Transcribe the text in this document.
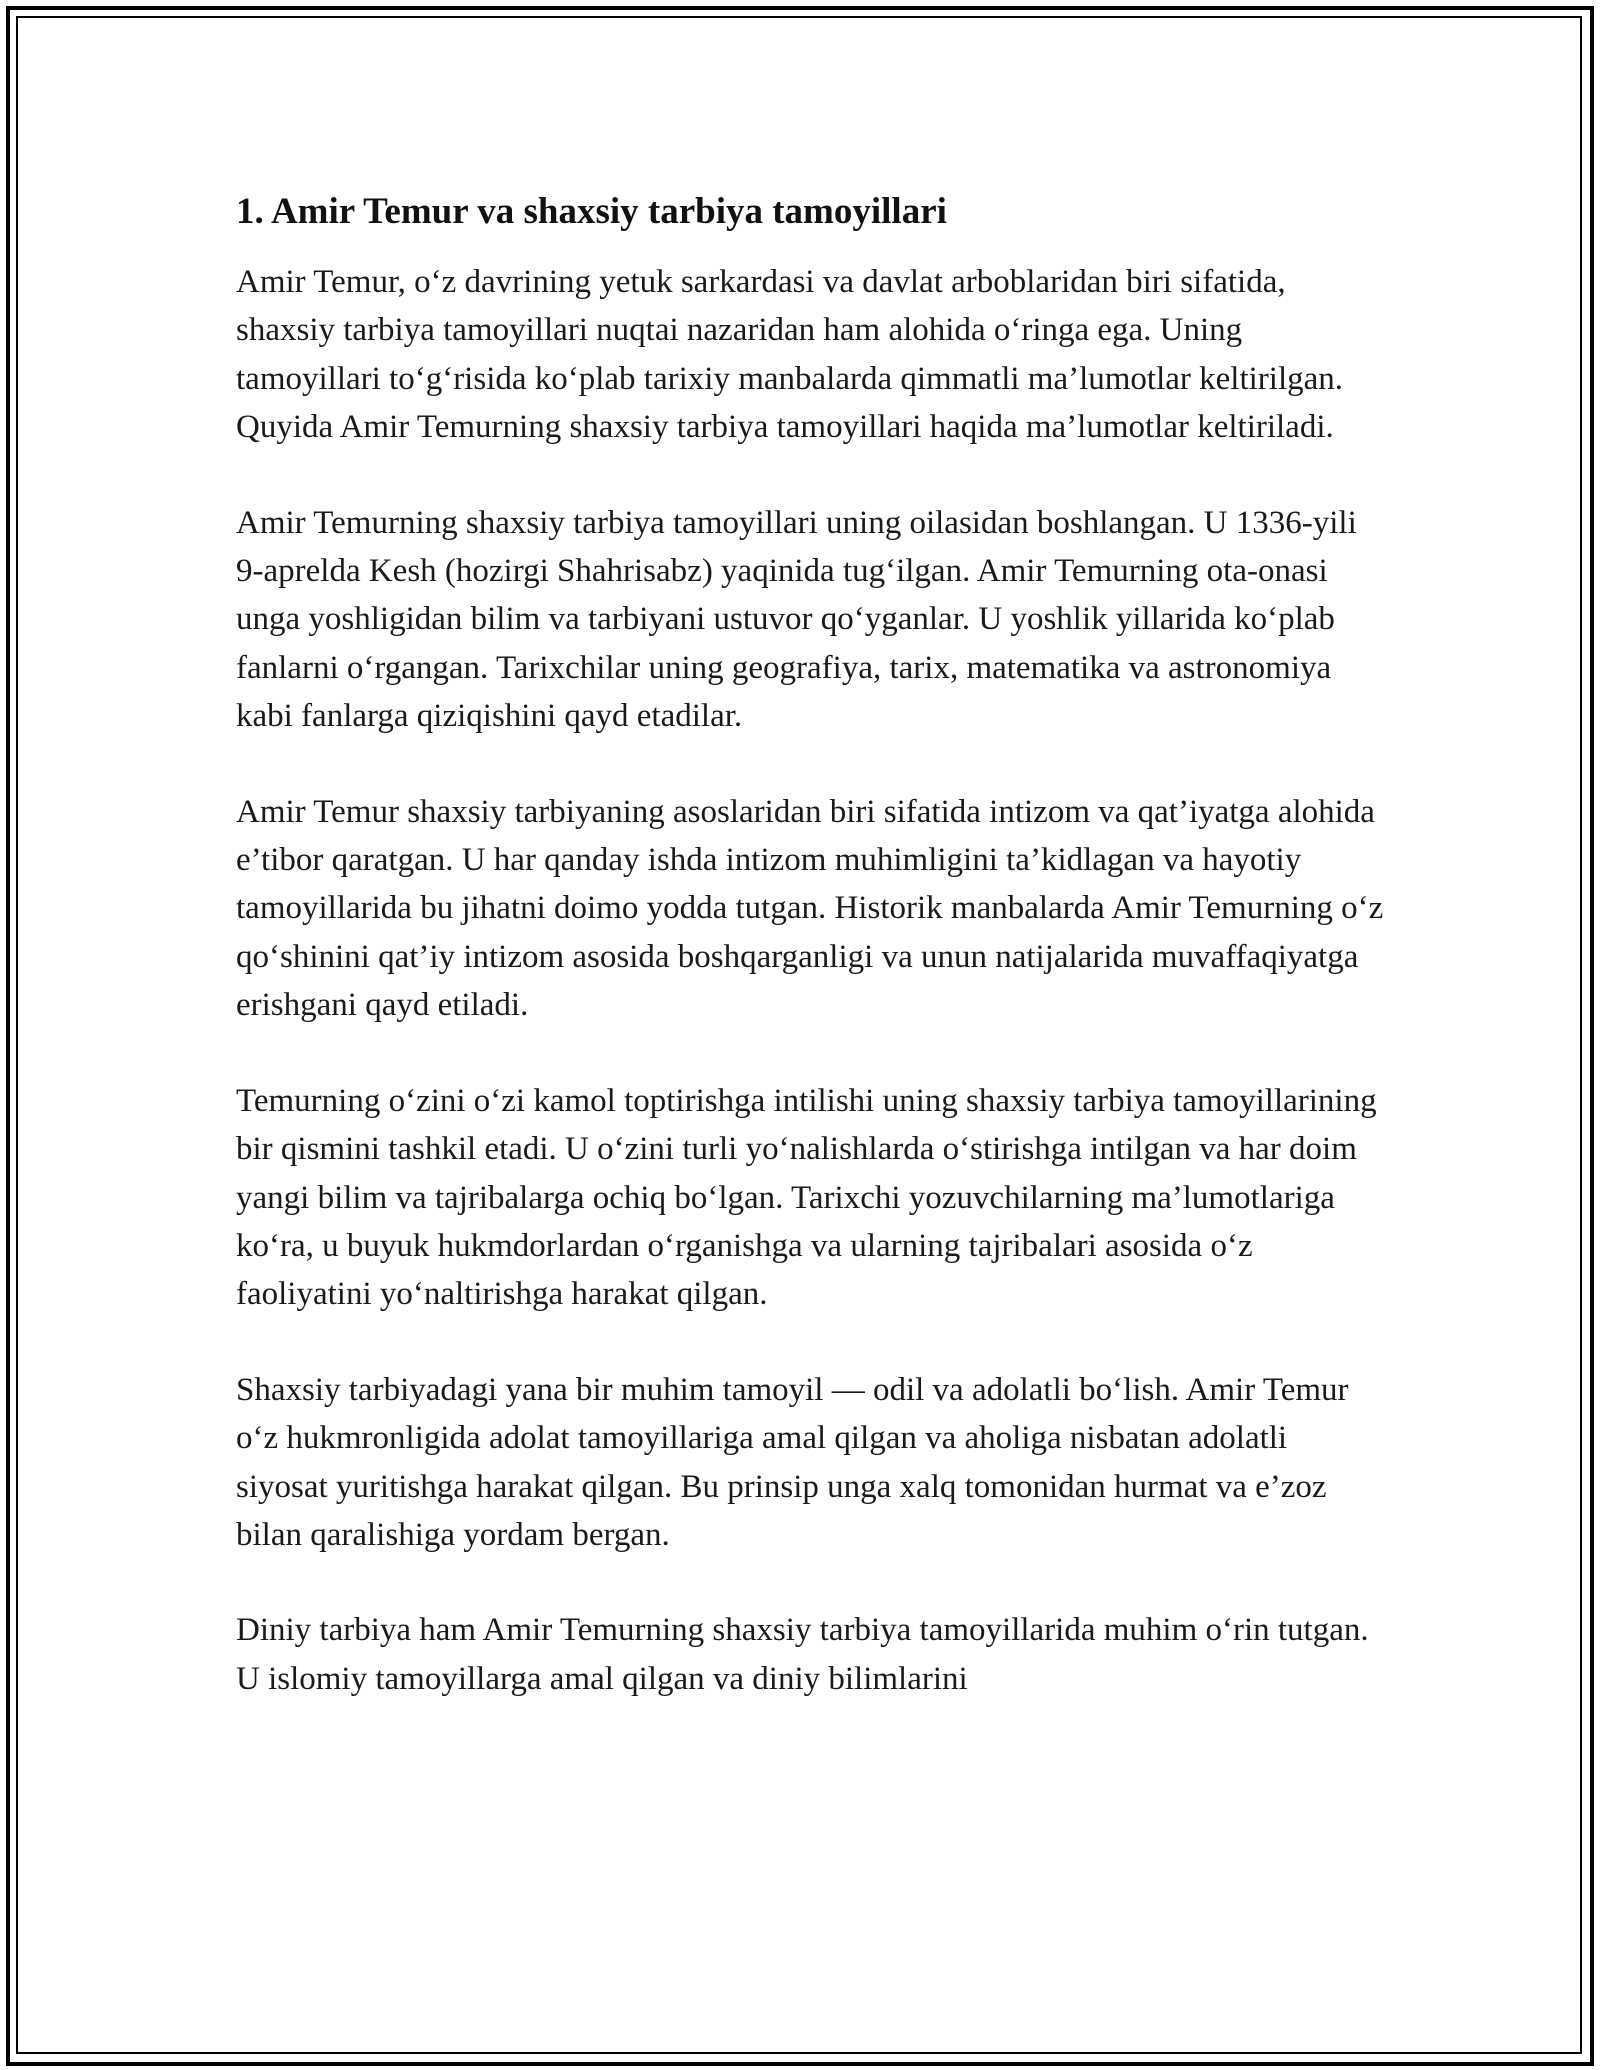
1. Amir Temur va shaxsiy tarbiya tamoyillari

Amir Temur, o‘z davrining yetuk sarkardasi va davlat arboblaridan biri sifatida, shaxsiy tarbiya tamoyillari nuqtai nazaridan ham alohida o‘ringa ega. Uning tamoyillari to‘g‘risida ko‘plab tarixiy manbalarda qimmatli ma’lumotlar keltirilgan. Quyida Amir Temurning shaxsiy tarbiya tamoyillari haqida ma’lumotlar keltiriladi.

Amir Temurning shaxsiy tarbiya tamoyillari uning oilasidan boshlangan. U 1336-yili 9-aprelda Kesh (hozirgi Shahrisabz) yaqinida tug‘ilgan. Amir Temurning ota-onasi unga yoshligidan bilim va tarbiyani ustuvor qo‘yganlar. U yoshlik yillarida ko‘plab fanlarni o‘rgangan. Tarixchilar uning geografiya, tarix, matematika va astronomiya kabi fanlarga qiziqishini qayd etadilar.

Amir Temur shaxsiy tarbiyaning asoslaridan biri sifatida intizom va qat’iyatga alohida e’tibor qaratgan. U har qanday ishda intizom muhimligini ta’kidlagan va hayotiy tamoyillarida bu jihatni doimo yodda tutgan. Historik manbalarda Amir Temurning o‘z qo‘shinini qat’iy intizom asosida boshqarganligi va unun natijalarida muvaffaqiyatga erishgani qayd etiladi.

Temurning o‘zini o‘zi kamol toptirishga intilishi uning shaxsiy tarbiya tamoyillarining bir qismini tashkil etadi. U o‘zini turli yo‘nalishlarda o‘stirishga intilgan va har doim yangi bilim va tajribalarga ochiq bo‘lgan. Tarixchi yozuvchilarning ma’lumotlariga ko‘ra, u buyuk hukmdorlardan o‘rganishga va ularning tajribalari asosida o‘z faoliyatini yo‘naltirishga harakat qilgan.

Shaxsiy tarbiyadagi yana bir muhim tamoyil — odil va adolatli bo‘lish. Amir Temur o‘z hukmronligida adolat tamoyillariga amal qilgan va aholiga nisbatan adolatli siyosat yuritishga harakat qilgan. Bu prinsip unga xalq tomonidan hurmat va e’zoz bilan qaralishiga yordam bergan.

Diniy tarbiya ham Amir Temurning shaxsiy tarbiya tamoyillarida muhim o‘rin tutgan. U islomiy tamoyillarga amal qilgan va diniy bilimlarini
